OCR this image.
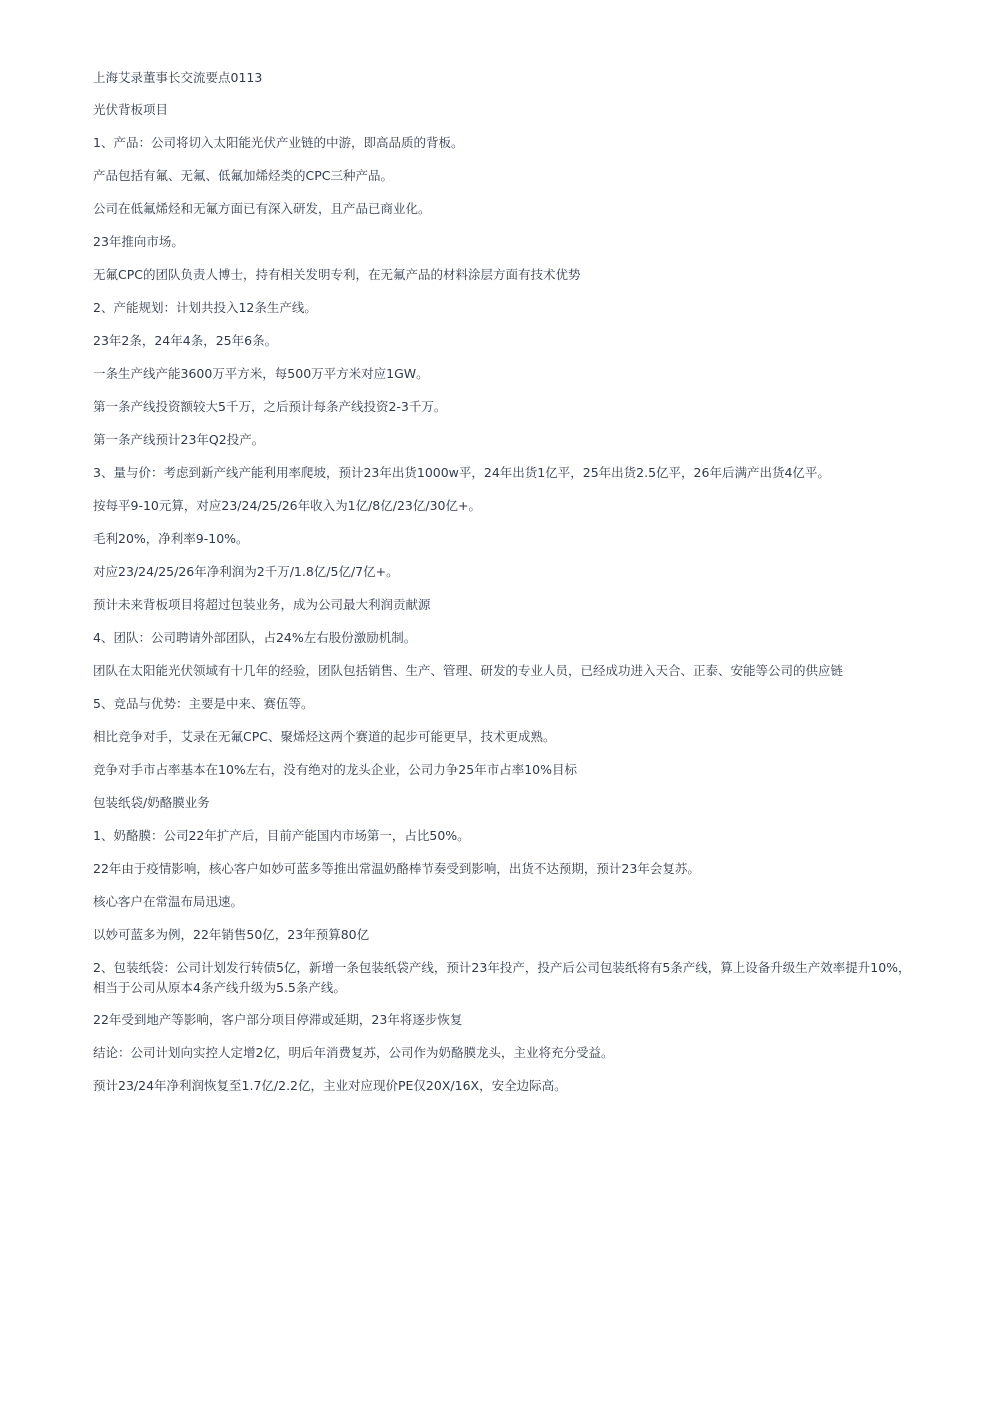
上海艾录董事长交流要点0113

光伏背板项目

1、产品：公司将切入太阳能光伏产业链的中游，即高品质的背板。

产品包括有氟、无氟、低氟加烯烃类的CPC三种产品。

公司在低氟烯烃和无氟方面已有深入研发，且产品已商业化。

23年推向市场。

无氟CPC的团队负责人博士，持有相关发明专利，在无氟产品的材料涂层方面有技术优势

2、产能规划：计划共投入12条生产线。

23年2条，24年4条，25年6条。

一条生产线产能3600万平方米，每500万平方米对应1GW。

第一条产线投资额较大5千万，之后预计每条产线投资2-3千万。

第一条产线预计23年Q2投产。

3、量与价：考虑到新产线产能利用率爬坡，预计23年出货1000w平，24年出货1亿平，25年出货2.5亿平，26年后满产出货4亿平。

按每平9-10元算，对应23/24/25/26年收入为1亿/8亿/23亿/30亿+。

毛利20%，净利率9-10%。

对应23/24/25/26年净利润为2千万/1.8亿/5亿/7亿+。

预计未来背板项目将超过包装业务，成为公司最大利润贡献源

4、团队：公司聘请外部团队，占24%左右股份激励机制。

团队在太阳能光伏领域有十几年的经验，团队包括销售、生产、管理、研发的专业人员，已经成功进入天合、正泰、安能等公司的供应链

5、竞品与优势：主要是中来、赛伍等。

相比竞争对手，艾录在无氟CPC、聚烯烃这两个赛道的起步可能更早，技术更成熟。

竞争对手市占率基本在10%左右，没有绝对的龙头企业，公司力争25年市占率10%目标

包装纸袋/奶酪膜业务

1、奶酪膜：公司22年扩产后，目前产能国内市场第一，占比50%。

22年由于疫情影响，核心客户如妙可蓝多等推出常温奶酪棒节奏受到影响，出货不达预期，预计23年会复苏。

核心客户在常温布局迅速。

以妙可蓝多为例，22年销售50亿，23年预算80亿

2、包装纸袋：公司计划发行转债5亿，新增一条包装纸袋产线，预计23年投产，投产后公司包装纸将有5条产线，算上设备升级生产效率提升10%，相当于公司从原本4条产线升级为5.5条产线。

22年受到地产等影响，客户部分项目停滞或延期，23年将逐步恢复

结论：公司计划向实控人定增2亿，明后年消费复苏，公司作为奶酪膜龙头，主业将充分受益。

预计23/24年净利润恢复至1.7亿/2.2亿，主业对应现价PE仅20X/16X，安全边际高。
